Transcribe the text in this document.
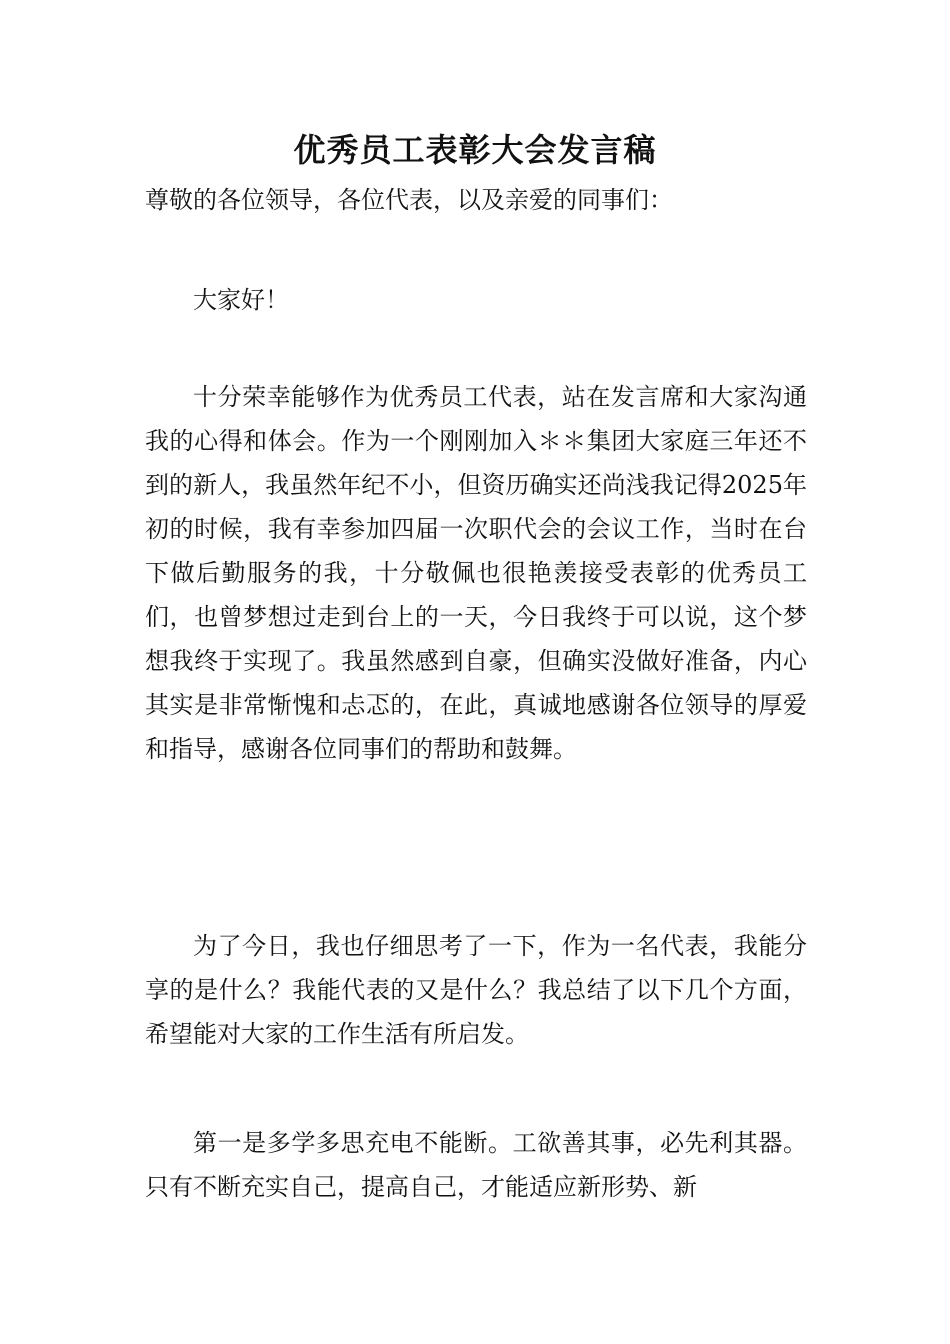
优秀员工表彰大会发言稿

尊敬的各位领导，各位代表，以及亲爱的同事们：

大家好！

十分荣幸能够作为优秀员工代表，站在发言席和大家沟通我的心得和体会。作为一个刚刚加入＊＊集团大家庭三年还不到的新人，我虽然年纪不小，但资历确实还尚浅我记得2025年初的时候，我有幸参加四届一次职代会的会议工作，当时在台下做后勤服务的我，十分敬佩也很艳羡接受表彰的优秀员工们，也曾梦想过走到台上的一天，今日我终于可以说，这个梦想我终于实现了。我虽然感到自豪，但确实没做好准备，内心其实是非常惭愧和忐忑的，在此，真诚地感谢各位领导的厚爱和指导，感谢各位同事们的帮助和鼓舞。

为了今日，我也仔细思考了一下，作为一名代表，我能分享的是什么？我能代表的又是什么？我总结了以下几个方面，希望能对大家的工作生活有所启发。

第一是多学多思充电不能断。工欲善其事，必先利其器。只有不断充实自己，提高自己，才能适应新形势、新
